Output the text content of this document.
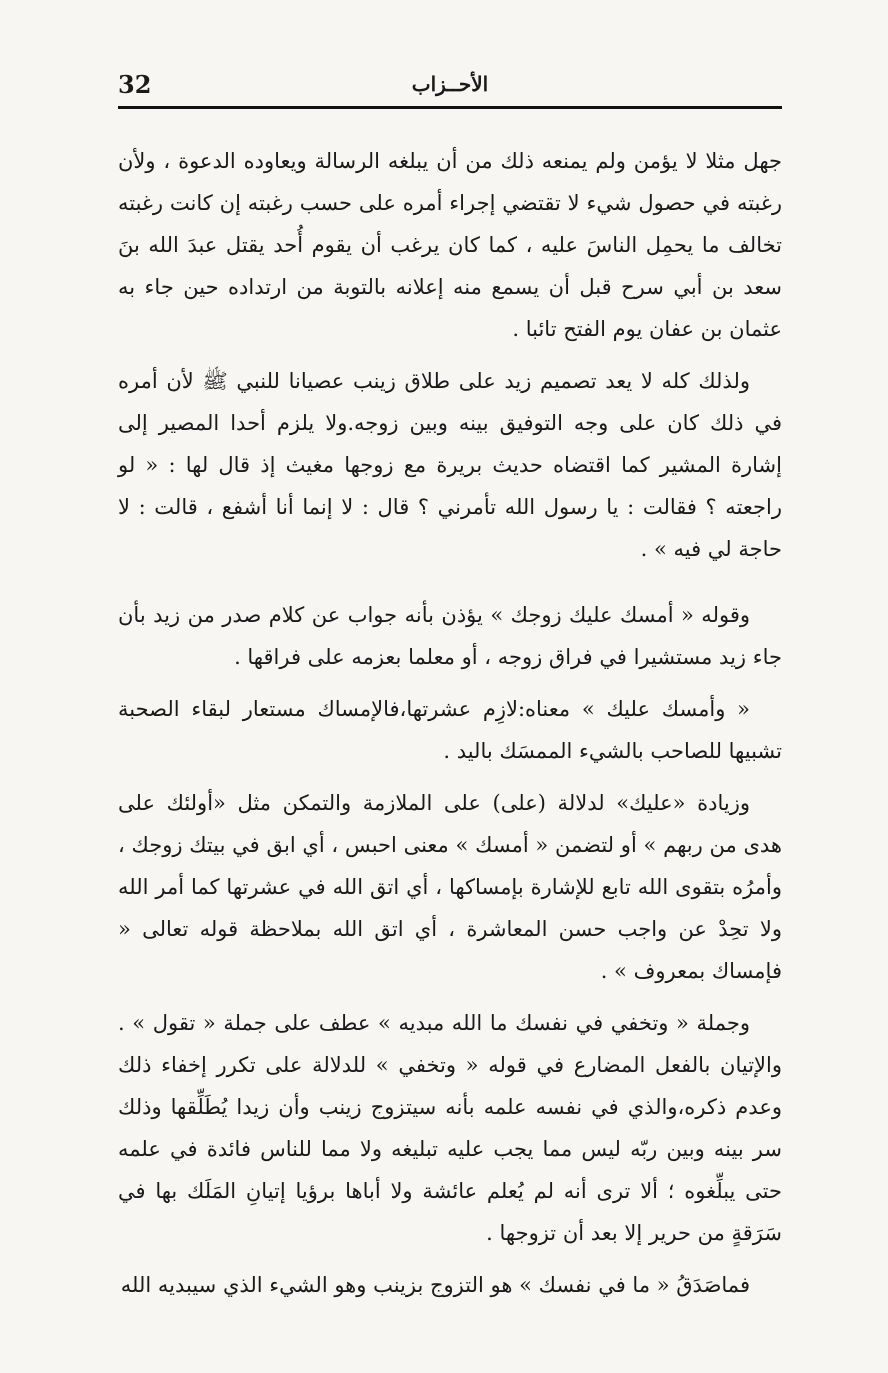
32	الأحــزاب

جهل مثلا لا يؤمن ولم يمنعه ذلك من أن يبلغه الرسالة ويعاوده الدعوة ، ولأن رغبته في حصول شيء لا تقتضي إجراء أمره على حسب رغبته إن كانت رغبته تخالف ما يحمِل الناسَ عليه ، كما كان يرغب أن يقوم أُحد يقتل عبدَ الله بنَ سعد بن أبي سرح قبل أن يسمع منه إعلانه بالتوبة من ارتداده حين جاء به عثمان بن عفان يوم الفتح تائبا .

ولذلك كله لا يعد تصميم زيد على طلاق زينب عصيانا للنبي ﷺ لأن أمره في ذلك كان على وجه التوفيق بينه وبين زوجه.ولا يلزم أحدا المصير إلى إشارة المشير كما اقتضاه حديث بريرة مع زوجها مغيث إذ قال لها : « لو راجعته ؟ فقالت : يا رسول الله تأمرني ؟ قال : لا إنما أنا أشفع ، قالت : لا حاجة لي فيه » .

وقوله « أمسك عليك زوجك » يؤذن بأنه جواب عن كلام صدر من زيد بأن جاء زيد مستشيرا في فراق زوجه ، أو معلما بعزمه على فراقها .

« وأمسك عليك » معناه:لازِم عشرتها،فالإمساك مستعار لبقاء الصحبة تشبيها للصاحب بالشيء الممسَك باليد .

وزيادة «عليك» لدلالة (على) على الملازمة والتمكن مثل «أولئك على هدى من ربهم » أو لتضمن « أمسك » معنى احبس ، أي ابق في بيتك زوجك ، وأمرُه بتقوى الله تابع للإشارة بإمساكها ، أي اتق الله في عشرتها كما أمر الله ولا تحِدْ عن واجب حسن المعاشرة ، أي اتق الله بملاحظة قوله تعالى « فإمساك بمعروف » .

وجملة « وتخفي في نفسك ما الله مبديه » عطف على جملة « تقول » . والإتيان بالفعل المضارع في قوله « وتخفي » للدلالة على تكرر إخفاء ذلك وعدم ذكره،والذي في نفسه علمه بأنه سيتزوج زينب وأن زيدا يُطَلِّقها وذلك سر بينه وبين ربّه ليس مما يجب عليه تبليغه ولا مما للناس فائدة في علمه حتى يبلِّغوه ؛ ألا ترى أنه لم يُعلم عائشة ولا أباها برؤيا إتيانِ المَلَك بها في سَرَقةٍ من حرير إلا بعد أن تزوجها .

فماصَدَقُ « ما في نفسك » هو التزوج بزينب وهو الشيء الذي سيبديه الله
